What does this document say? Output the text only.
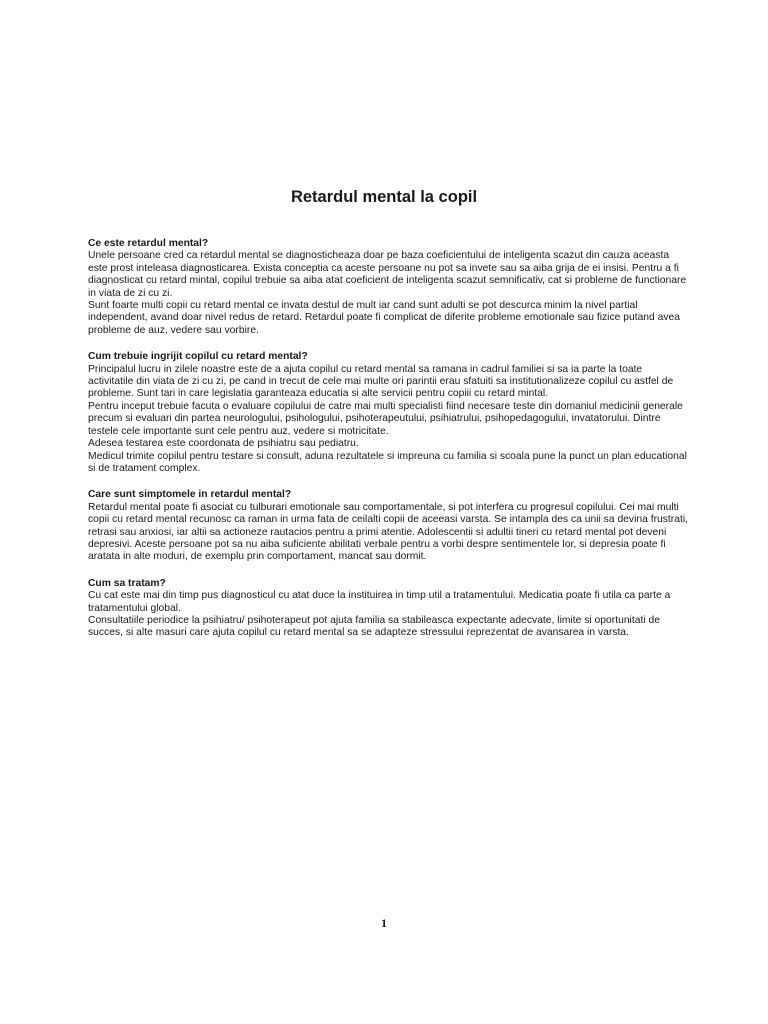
Retardul mental la copil
Ce este retardul mental?

Unele persoane cred ca retardul mental se diagnosticheaza doar pe baza coeficientului de inteligenta scazut din cauza aceasta este prost inteleasa diagnosticarea. Exista conceptia ca aceste persoane nu pot sa invete sau sa aiba grija de ei insisi. Pentru a fi diagnosticat cu retard mintal, copilul trebuie sa aiba atat coeficient de inteligenta scazut semnificativ, cat si probleme de functionare in viata de zi cu zi.

Sunt foarte multi copii cu retard mental ce invata destul de mult iar cand sunt adulti se pot descurca minim la nivel partial independent, avand doar nivel redus de retard. Retardul poate fi complicat de diferite probleme emotionale sau fizice putand avea probleme de auz, vedere sau vorbire.

Cum trebuie ingrijit copilul cu retard mental?

Principalul lucru in zilele noastre este de a ajuta copilul cu retard mental sa ramana in cadrul familiei si sa ia parte la toate activitatile din viata de zi cu zi, pe cand in trecut de cele mai multe ori parintii erau sfatuiti sa institutionalizeze copilul cu astfel de probleme. Sunt tari in care legislatia garanteaza educatia si alte servicii pentru copiii cu retard mintal.

Pentru inceput trebuie facuta o evaluare copilului de catre mai multi specialisti fiind necesare teste din domaniul medicinii generale precum si evaluari din partea neurologului, psihologului, psihoterapeutului, psihiatrului, psihopedagogului, invatatorului. Dintre testele cele importante sunt cele pentru auz, vedere si motricitate.

Adesea testarea este coordonata de psihiatru sau pediatru.

Medicul trimite copilul pentru testare si consult, aduna rezultatele si impreuna cu familia si scoala pune la punct un plan educational si de tratament complex.

Care sunt simptomele in retardul mental?

Retardul mental poate fi asociat cu tulburari emotionale sau comportamentale, si pot interfera cu progresul copilului. Cei mai multi copii cu retard mental recunosc ca raman in urma fata de ceilalti copii de aceeasi varsta. Se intampla des ca unii sa devina frustrati, retrasi sau anxiosi, iar altii sa actioneze rautacios pentru a primi atentie. Adolescentii si adultii tineri cu retard mental pot deveni depresivi. Aceste persoane pot sa nu aiba suficiente abilitati verbale pentru a vorbi despre sentimentele lor, si depresia poate fi aratata in alte moduri, de exemplu prin comportament, mancat sau dormit.

Cum sa tratam?

Cu cat este mai din timp pus diagnosticul cu atat duce la instituirea in timp util a tratamentului. Medicatia poate fi utila ca parte a tratamentului global.

Consultatiile periodice la psihiatru/ psihoterapeut pot ajuta familia sa stabileasca expectante adecvate, limite si oportunitati de succes, si alte masuri care ajuta copilul cu retard mental sa se adapteze stressului reprezentat de avansarea in varsta.

1
